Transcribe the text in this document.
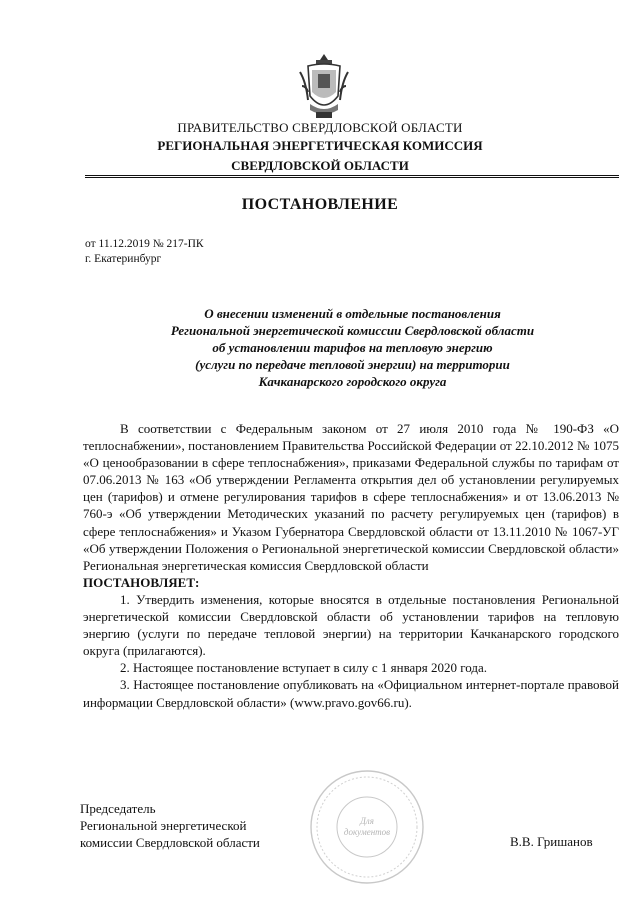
ПРАВИТЕЛЬСТВО СВЕРДЛОВСКОЙ ОБЛАСТИ
РЕГИОНАЛЬНАЯ ЭНЕРГЕТИЧЕСКАЯ КОМИССИЯ
СВЕРДЛОВСКОЙ ОБЛАСТИ
ПОСТАНОВЛЕНИЕ
от 11.12.2019 № 217-ПК
г. Екатеринбург
О внесении изменений в отдельные постановления
Региональной энергетической комиссии Свердловской области
об установлении тарифов на тепловую энергию
(услуги по передаче тепловой энергии) на территории
Качканарского городского округа

В соответствии с Федеральным законом от 27 июля 2010 года № 190-ФЗ «О теплоснабжении», постановлением Правительства Российской Федерации от 22.10.2012 № 1075 «О ценообразовании в сфере теплоснабжения», приказами Федеральной службы по тарифам от 07.06.2013 № 163 «Об утверждении Регламента открытия дел об установлении регулируемых цен (тарифов) и отмене регулирования тарифов в сфере теплоснабжения» и от 13.06.2013 № 760-э «Об утверждении Методических указаний по расчету регулируемых цен (тарифов) в сфере теплоснабжения» и Указом Губернатора Свердловской области от 13.11.2010 № 1067-УГ «Об утверждении Положения о Региональной энергетической комиссии Свердловской области» Региональная энергетическая комиссия Свердловской области

ПОСТАНОВЛЯЕТ:

1. Утвердить изменения, которые вносятся в отдельные постановления Региональной энергетической комиссии Свердловской области об установлении тарифов на тепловую энергию (услуги по передаче тепловой энергии) на территории Качканарского городского округа (прилагаются).

2. Настоящее постановление вступает в силу с 1 января 2020 года.

3. Настоящее постановление опубликовать на «Официальном интернет-портале правовой информации Свердловской области» (www.pravo.gov66.ru).

Председатель
Региональной энергетической
комиссии Свердловской области	В.В. Гришанов
Для
документов
